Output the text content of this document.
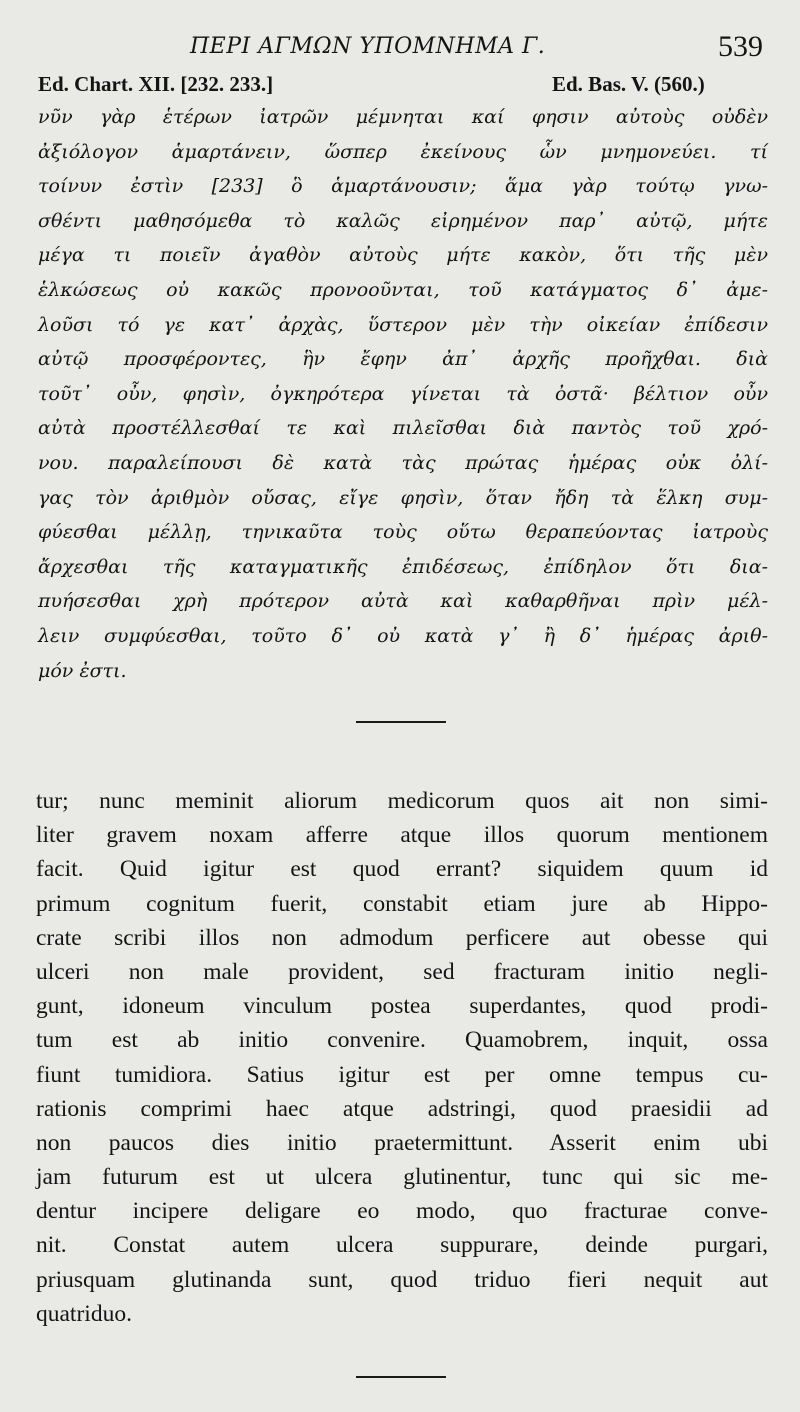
ΠΕΡΙ ΑΓΜΩΝ ΥΠΟΜΝΗΜΑ Γ.	539
Ed. Chart. XII. [232. 233.]	Ed. Bas. V. (560.)
νῦν γὰρ ἑτέρων ἰατρῶν μέμνηται καί φησιν αὐτοὺς οὐδὲν
ἀξιόλογον ἁμαρτάνειν, ὥσπερ ἐκείνους ὧν μνημονεύει. τί
τοίνυν ἐστὶν [233] ὃ ἁμαρτάνουσιν; ἅμα γὰρ τούτῳ γνω-
σθέντι μαθησόμεθα τὸ καλῶς εἰρημένον παρ᾽ αὐτῷ, μήτε
μέγα τι ποιεῖν ἀγαθὸν αὐτοὺς μήτε κακὸν, ὅτι τῆς μὲν
ἑλκώσεως οὐ κακῶς προνοοῦνται, τοῦ κατάγματος δ᾽ ἀμε-
λοῦσι τό γε κατ᾽ ἀρχὰς, ὕστερον μὲν τὴν οἰκείαν ἐπίδεσιν
αὐτῷ προσφέροντες, ἣν ἔφην ἀπ᾽ ἀρχῆς προῆχθαι. διὰ
τοῦτ᾽ οὖν, φησὶν, ὀγκηρότερα γίνεται τὰ ὀστᾶ· βέλτιον οὖν
αὐτὰ προστέλλεσθαί τε καὶ πιλεῖσθαι διὰ παντὸς τοῦ χρό-
νου. παραλείπουσι δὲ κατὰ τὰς πρώτας ἡμέρας οὐκ ὀλί-
γας τὸν ἀριθμὸν οὔσας, εἴγε φησὶν, ὅταν ἤδη τὰ ἕλκη συμ-
φύεσθαι μέλλῃ, τηνικαῦτα τοὺς οὕτω θεραπεύοντας ἰατροὺς
ἄρχεσθαι τῆς καταγματικῆς ἐπιδέσεως, ἐπίδηλον ὅτι δια-
πυήσεσθαι χρὴ πρότερον αὐτὰ καὶ καθαρθῆναι πρὶν μέλ-
λειν συμφύεσθαι, τοῦτο δ᾽ οὐ κατὰ γ᾽ ἢ δ᾽ ἡμέρας ἀριθ-
μόν ἐστι.
tur; nunc meminit aliorum medicorum quos ait non simi-
liter gravem noxam afferre atque illos quorum mentionem
facit. Quid igitur est quod errant? siquidem quum id
primum cognitum fuerit, constabit etiam jure ab Hippo-
crate scribi illos non admodum perficere aut obesse qui
ulceri non male provident, sed fracturam initio negli-
gunt, idoneum vinculum postea superdantes, quod prodi-
tum est ab initio convenire. Quamobrem, inquit, ossa
fiunt tumidiora. Satius igitur est per omne tempus cu-
rationis comprimi haec atque adstringi, quod praesidii ad
non paucos dies initio praetermittunt. Asserit enim ubi
jam futurum est ut ulcera glutinentur, tunc qui sic me-
dentur incipere deligare eo modo, quo fracturae conve-
nit. Constat autem ulcera suppurare, deinde purgari,
priusquam glutinanda sunt, quod triduo fieri nequit aut
quatriduo.
